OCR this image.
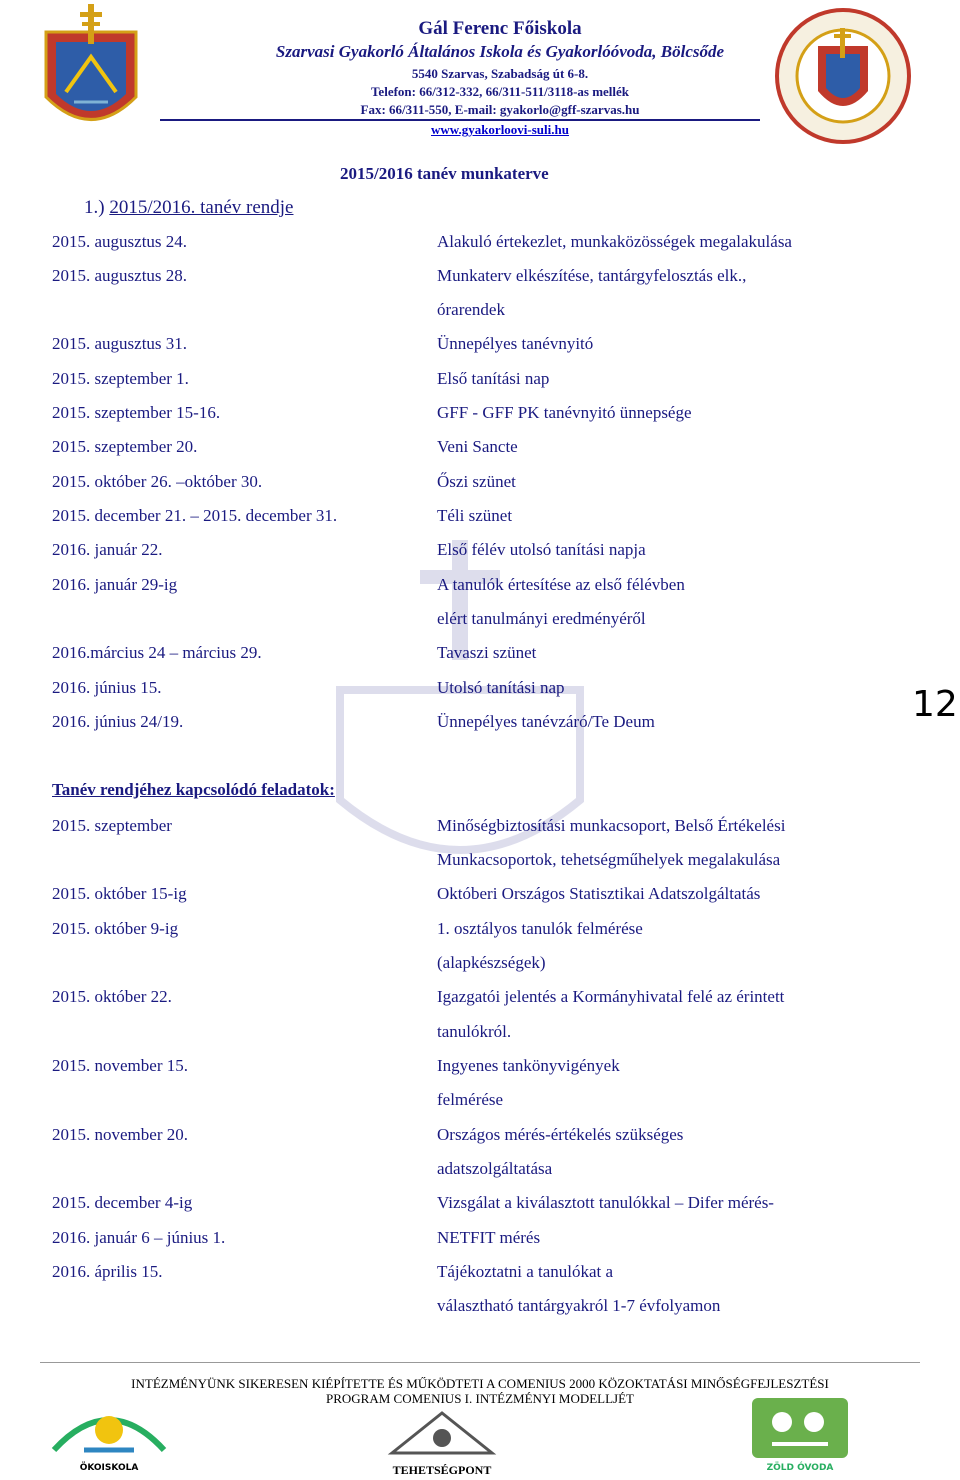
Gál Ferenc Főiskola
Szarvasi Gyakorló Általános Iskola és Gyakorlóóvoda, Bölcsőde
5540 Szarvas, Szabadság út 6-8.
Telefon: 66/312-332, 66/311-511/3118-as mellék
Fax: 66/311-550, E-mail: gyakorlo@gff-szarvas.hu
www.gyakorloovi-suli.hu
2015/2016 tanév munkaterve
1.) 2015/2016. tanév rendje
2015. augusztus 24.	Alakuló értekezlet, munkaközösségek megalakulása
2015. augusztus 28.	Munkaterv elkészítése, tantárgyfelosztás elk.,
órarendek
2015. augusztus 31.	Ünnepélyes tanévnyitó
2015. szeptember 1.	Első tanítási nap
2015. szeptember 15-16.	GFF - GFF PK tanévnyitó ünnepsége
2015. szeptember 20.	Veni Sancte
2015. október 26. –október 30.	Őszi szünet
2015. december 21. – 2015. december 31.	Téli szünet
2016. január 22.	Első félév utolsó tanítási napja
2016. január 29-ig	A tanulók értesítése az első félévben
elért tanulmányi eredményéről
2016.március 24 – március 29.	Tavaszi szünet
2016. június 15.	Utolsó tanítási nap
2016. június 24/19.	Ünnepélyes tanévzáró/Te Deum	12
Tanév rendjéhez kapcsolódó feladatok:
2015. szeptember	Minőségbiztosítási munkacsoport, Belső Értékelési
Munkacsoportok, tehetségműhelyek megalakulása
2015. október 15-ig	Októberi Országos Statisztikai Adatszolgáltatás
2015. október 9-ig	1. osztályos tanulók felmérése
(alapkészségek)
2015. október 22.	Igazgatói jelentés a Kormányhivatal felé az érintett
tanulókról.
2015. november 15.	Ingyenes tankönyvigények
felmérése
2015. november 20.	Országos mérés-értékelés szükséges
adatszolgáltatása
2015. december 4-ig	Vizsgálat a kiválasztott tanulókkal – Difer mérés-
2016. január 6 – június 1.	NETFIT mérés
2016. április 15.	Tájékoztatni a tanulókat a
választható tantárgyakról 1-7 évfolyamon
INTÉZMÉNYÜNK SIKERESEN KIÉPÍTETTE ÉS MŰKÖDTETI A COMENIUS 2000 KÖZOKTATÁSI MINŐSÉGFEJLESZTÉSI
PROGRAM COMENIUS I. INTÉZMÉNYI MODELLJÉT
ÖKOISKOLA	TEHETSÉGPONT	ZÖLD ÓVODA
